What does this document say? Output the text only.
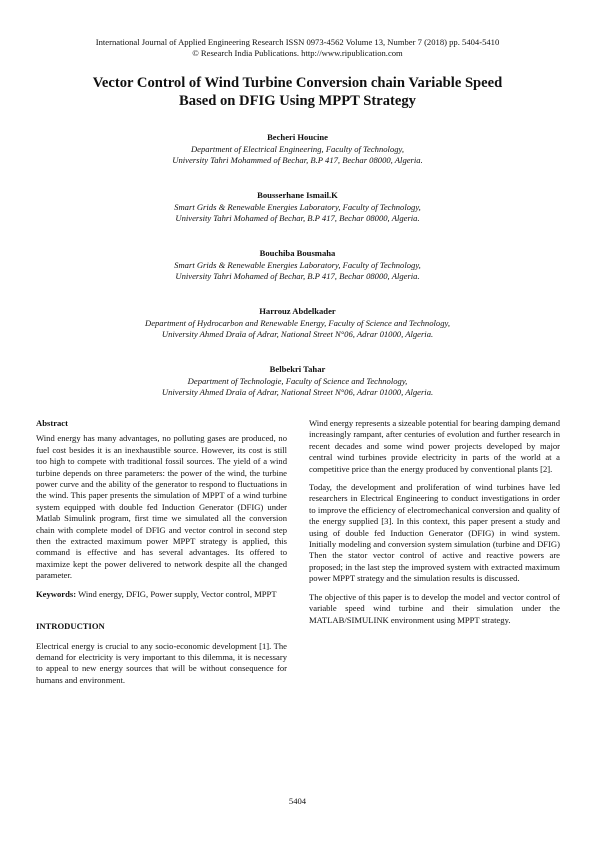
International Journal of Applied Engineering Research ISSN 0973-4562 Volume 13, Number 7 (2018) pp. 5404-5410
© Research India Publications. http://www.ripublication.com
Vector Control of Wind Turbine Conversion chain Variable Speed
Based on DFIG Using MPPT Strategy
Becheri Houcine
Department of Electrical Engineering, Faculty of Technology,
University Tahri Mohammed of Bechar, B.P 417, Bechar 08000, Algeria.
Bousserhane Ismail.K
Smart Grids & Renewable Energies Laboratory, Faculty of Technology,
University Tahri Mohamed of Bechar, B.P 417, Bechar 08000, Algeria.
Bouchiba Bousmaha
Smart Grids & Renewable Energies Laboratory, Faculty of Technology,
University Tahri Mohamed of Bechar, B.P 417, Bechar 08000, Algeria.
Harrouz Abdelkader
Department of Hydrocarbon and Renewable Energy, Faculty of Science and Technology,
University Ahmed Draïa of Adrar, National Street N°06, Adrar 01000, Algeria.
Belbekri Tahar
Department of Technologie, Faculty of Science and Technology,
University Ahmed Draïa of Adrar, National Street N°06, Adrar 01000, Algeria.
Abstract

Wind energy has many advantages, no polluting gases are produced, no fuel cost besides it is an inexhaustible source. However, its cost is still too high to compete with traditional fossil sources. The yield of a wind turbine depends on three parameters: the power of the wind, the turbine power curve and the ability of the generator to respond to fluctuations in the wind. This paper presents the simulation of MPPT of a wind turbine system equipped with double fed Induction Generator (DFIG) under Matlab Simulink program, first time we simulated all the conversion chain with complete model of DFIG and vector control in second step then the extracted maximum power MPPT strategy is applied, this command is effective and has several advantages. Its offered to maximize kept the power delivered to network despite all the changed parameter.

Keywords: Wind energy, DFIG, Power supply, Vector control, MPPT

INTRODUCTION

Electrical energy is crucial to any socio-economic development [1]. The demand for electricity is very important to this dilemma, it is necessary to appeal to new energy sources that will be without consequence for humans and environment.

Wind energy represents a sizeable potential for bearing damping demand increasingly rampant, after centuries of evolution and further research in recent decades and some wind power projects developed by major central wind turbines provide electricity in parts of the world at a competitive price than the energy produced by conventional plants [2].

Today, the development and proliferation of wind turbines have led researchers in Electrical Engineering to conduct investigations in order to improve the efficiency of electromechanical conversion and quality of the energy supplied [3]. In this context, this paper present a study and using of double fed Induction Generator (DFIG) in wind system. Initially modeling and conversion system simulation (turbine and DFIG) Then the stator vector control of active and reactive powers are proposed; in the last step the improved system with extracted maximum power MPPT strategy and the simulation results is discussed.

The objective of this paper is to develop the model and vector control of variable speed wind turbine and their simulation under the MATLAB/SIMULINK environment using MPPT strategy.

5404
